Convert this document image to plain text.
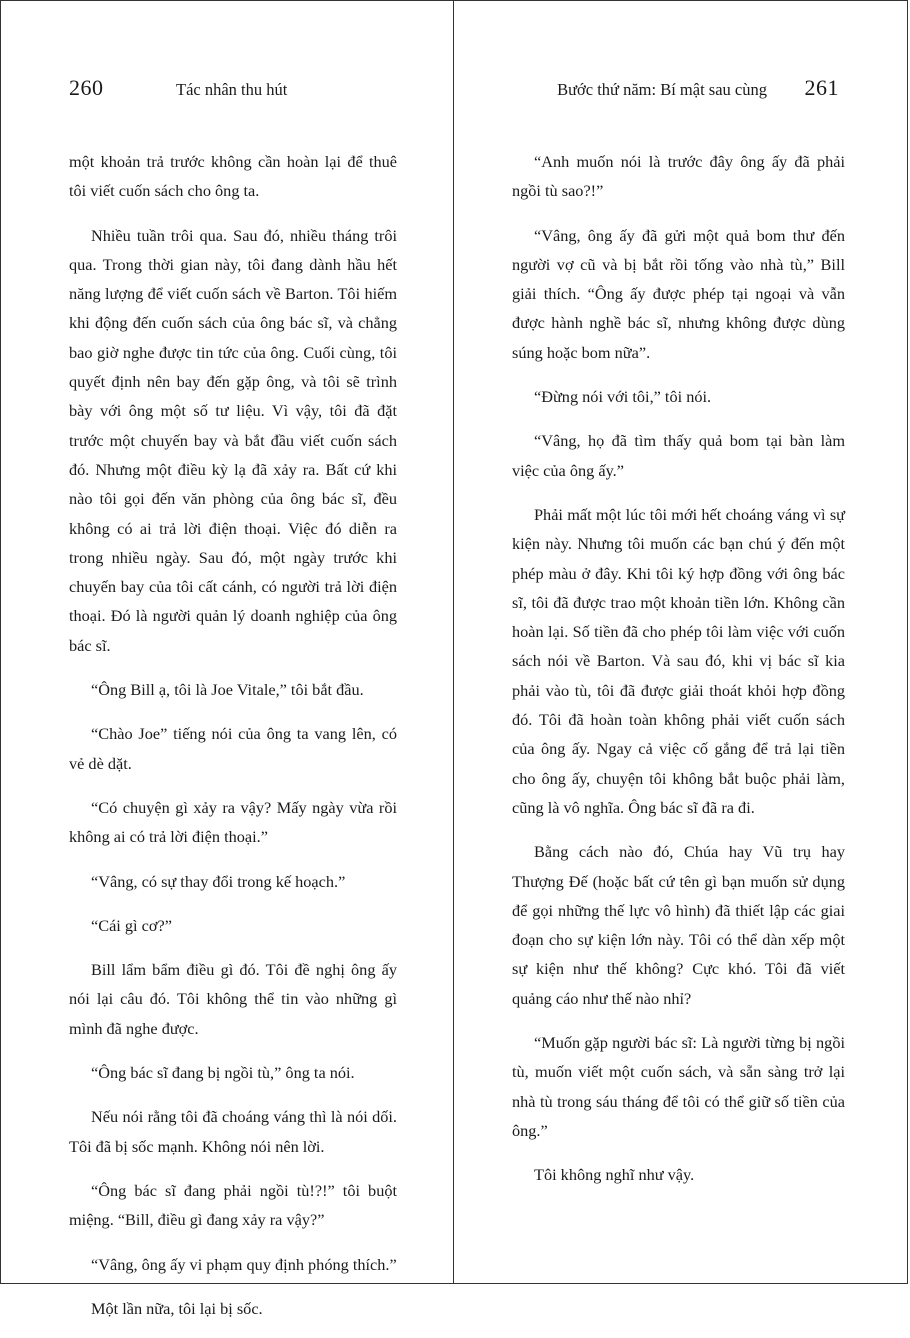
260	Tác nhân thu hút

một khoản trả trước không cần hoàn lại để thuê tôi viết cuốn sách cho ông ta.

Nhiều tuần trôi qua. Sau đó, nhiều tháng trôi qua. Trong thời gian này, tôi đang dành hầu hết năng lượng để viết cuốn sách về Barton. Tôi hiếm khi động đến cuốn sách của ông bác sĩ, và chẳng bao giờ nghe được tin tức của ông. Cuối cùng, tôi quyết định nên bay đến gặp ông, và tôi sẽ trình bày với ông một số tư liệu. Vì vậy, tôi đã đặt trước một chuyến bay và bắt đầu viết cuốn sách đó. Nhưng một điều kỳ lạ đã xảy ra. Bất cứ khi nào tôi gọi đến văn phòng của ông bác sĩ, đều không có ai trả lời điện thoại. Việc đó diễn ra trong nhiều ngày. Sau đó, một ngày trước khi chuyến bay của tôi cất cánh, có người trả lời điện thoại. Đó là người quản lý doanh nghiệp của ông bác sĩ.

“Ông Bill ạ, tôi là Joe Vitale,” tôi bắt đầu.

“Chào Joe” tiếng nói của ông ta vang lên, có vẻ dè dặt.

“Có chuyện gì xảy ra vậy? Mấy ngày vừa rồi không ai có trả lời điện thoại.”

“Vâng, có sự thay đổi trong kế hoạch.”

“Cái gì cơ?”

Bill lẩm bẩm điều gì đó. Tôi đề nghị ông ấy nói lại câu đó. Tôi không thể tin vào những gì mình đã nghe được.

“Ông bác sĩ đang bị ngồi tù,” ông ta nói.

Nếu nói rằng tôi đã choáng váng thì là nói dối. Tôi đã bị sốc mạnh. Không nói nên lời.

“Ông bác sĩ đang phải ngồi tù!?!” tôi buột miệng. “Bill, điều gì đang xảy ra vậy?”

“Vâng, ông ấy vi phạm quy định phóng thích.”

Một lần nữa, tôi lại bị sốc.

Bước thứ năm: Bí mật sau cùng 261

“Anh muốn nói là trước đây ông ấy đã phải ngồi tù sao?!”

“Vâng, ông ấy đã gửi một quả bom thư đến người vợ cũ và bị bắt rồi tống vào nhà tù,” Bill giải thích. “Ông ấy được phép tại ngoại và vẫn được hành nghề bác sĩ, nhưng không được dùng súng hoặc bom nữa”.

“Đừng nói với tôi,” tôi nói.

“Vâng, họ đã tìm thấy quả bom tại bàn làm việc của ông ấy.”

Phải mất một lúc tôi mới hết choáng váng vì sự kiện này. Nhưng tôi muốn các bạn chú ý đến một phép màu ở đây. Khi tôi ký hợp đồng với ông bác sĩ, tôi đã được trao một khoản tiền lớn. Không cần hoàn lại. Số tiền đã cho phép tôi làm việc với cuốn sách nói về Barton. Và sau đó, khi vị bác sĩ kia phải vào tù, tôi đã được giải thoát khỏi hợp đồng đó. Tôi đã hoàn toàn không phải viết cuốn sách của ông ấy. Ngay cả việc cố gắng để trả lại tiền cho ông ấy, chuyện tôi không bắt buộc phải làm, cũng là vô nghĩa. Ông bác sĩ đã ra đi.

Bằng cách nào đó, Chúa hay Vũ trụ hay Thượng Đế (hoặc bất cứ tên gì bạn muốn sử dụng để gọi những thế lực vô hình) đã thiết lập các giai đoạn cho sự kiện lớn này. Tôi có thể dàn xếp một sự kiện như thế không? Cực khó. Tôi đã viết quảng cáo như thế nào nhỉ?

“Muốn gặp người bác sĩ: Là người từng bị ngồi tù, muốn viết một cuốn sách, và sẵn sàng trở lại nhà tù trong sáu tháng để tôi có thể giữ số tiền của ông.”

Tôi không nghĩ như vậy.
